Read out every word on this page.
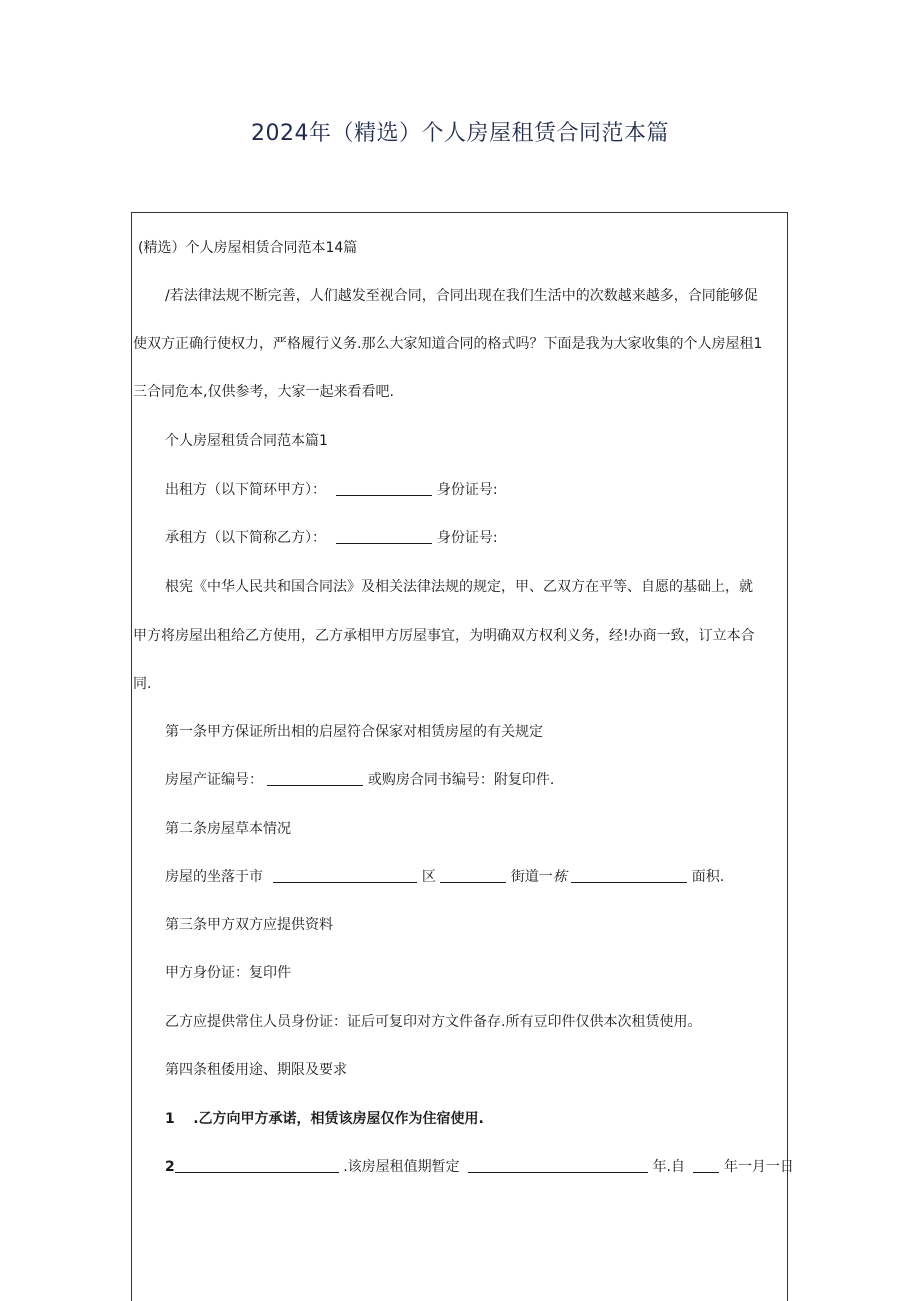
2024年（精选）个人房屋租赁合同范本篇
(精选）个人房屋相赁合同范本14篇
/若法律法规不断完善，人们越发至视合同，合同出现在我们生活中的次数越来越多，合同能够促
使双方正确行使权力，严格履行义务.那么大家知道合同的格式吗？下面是我为大家收集的个人房屋租1
三合同危本,仅供参考，大家一起来看看吧.
个人房屋租赁合同范本篇1
出租方（以下简环甲方）：	身份证号:
承租方（以下简称乙方）：	身份证号:
根宪《中华人民共和国合同法》及相关法律法规的规定，甲、乙双方在平等、自愿的基础上，就
甲方将房屋出租给乙方使用，乙方承相甲方厉屋事宜，为明确双方权利义务，经!办商一致，订立本合
同.
第一条甲方保证所出相的启屋符合保家对相赁房屋的有关规定
房屋产证编号：	或购房合同书编号：附复印件.
第二条房屋草本情况
房屋的坐落于市	区	街道一栋	面积.
第三条甲方双方应提供资料
甲方身份证：复印件
乙方应提供常住人员身份证：证后可复印对方文件备存.所有豆印件仅供本次租赁使用。
第四条租倭用途、期限及要求
1 .乙方向甲方承诺，相赁该房屋仅作为住宿使用.
2	.该房屋租值期暂定	年.自	年一月一日
